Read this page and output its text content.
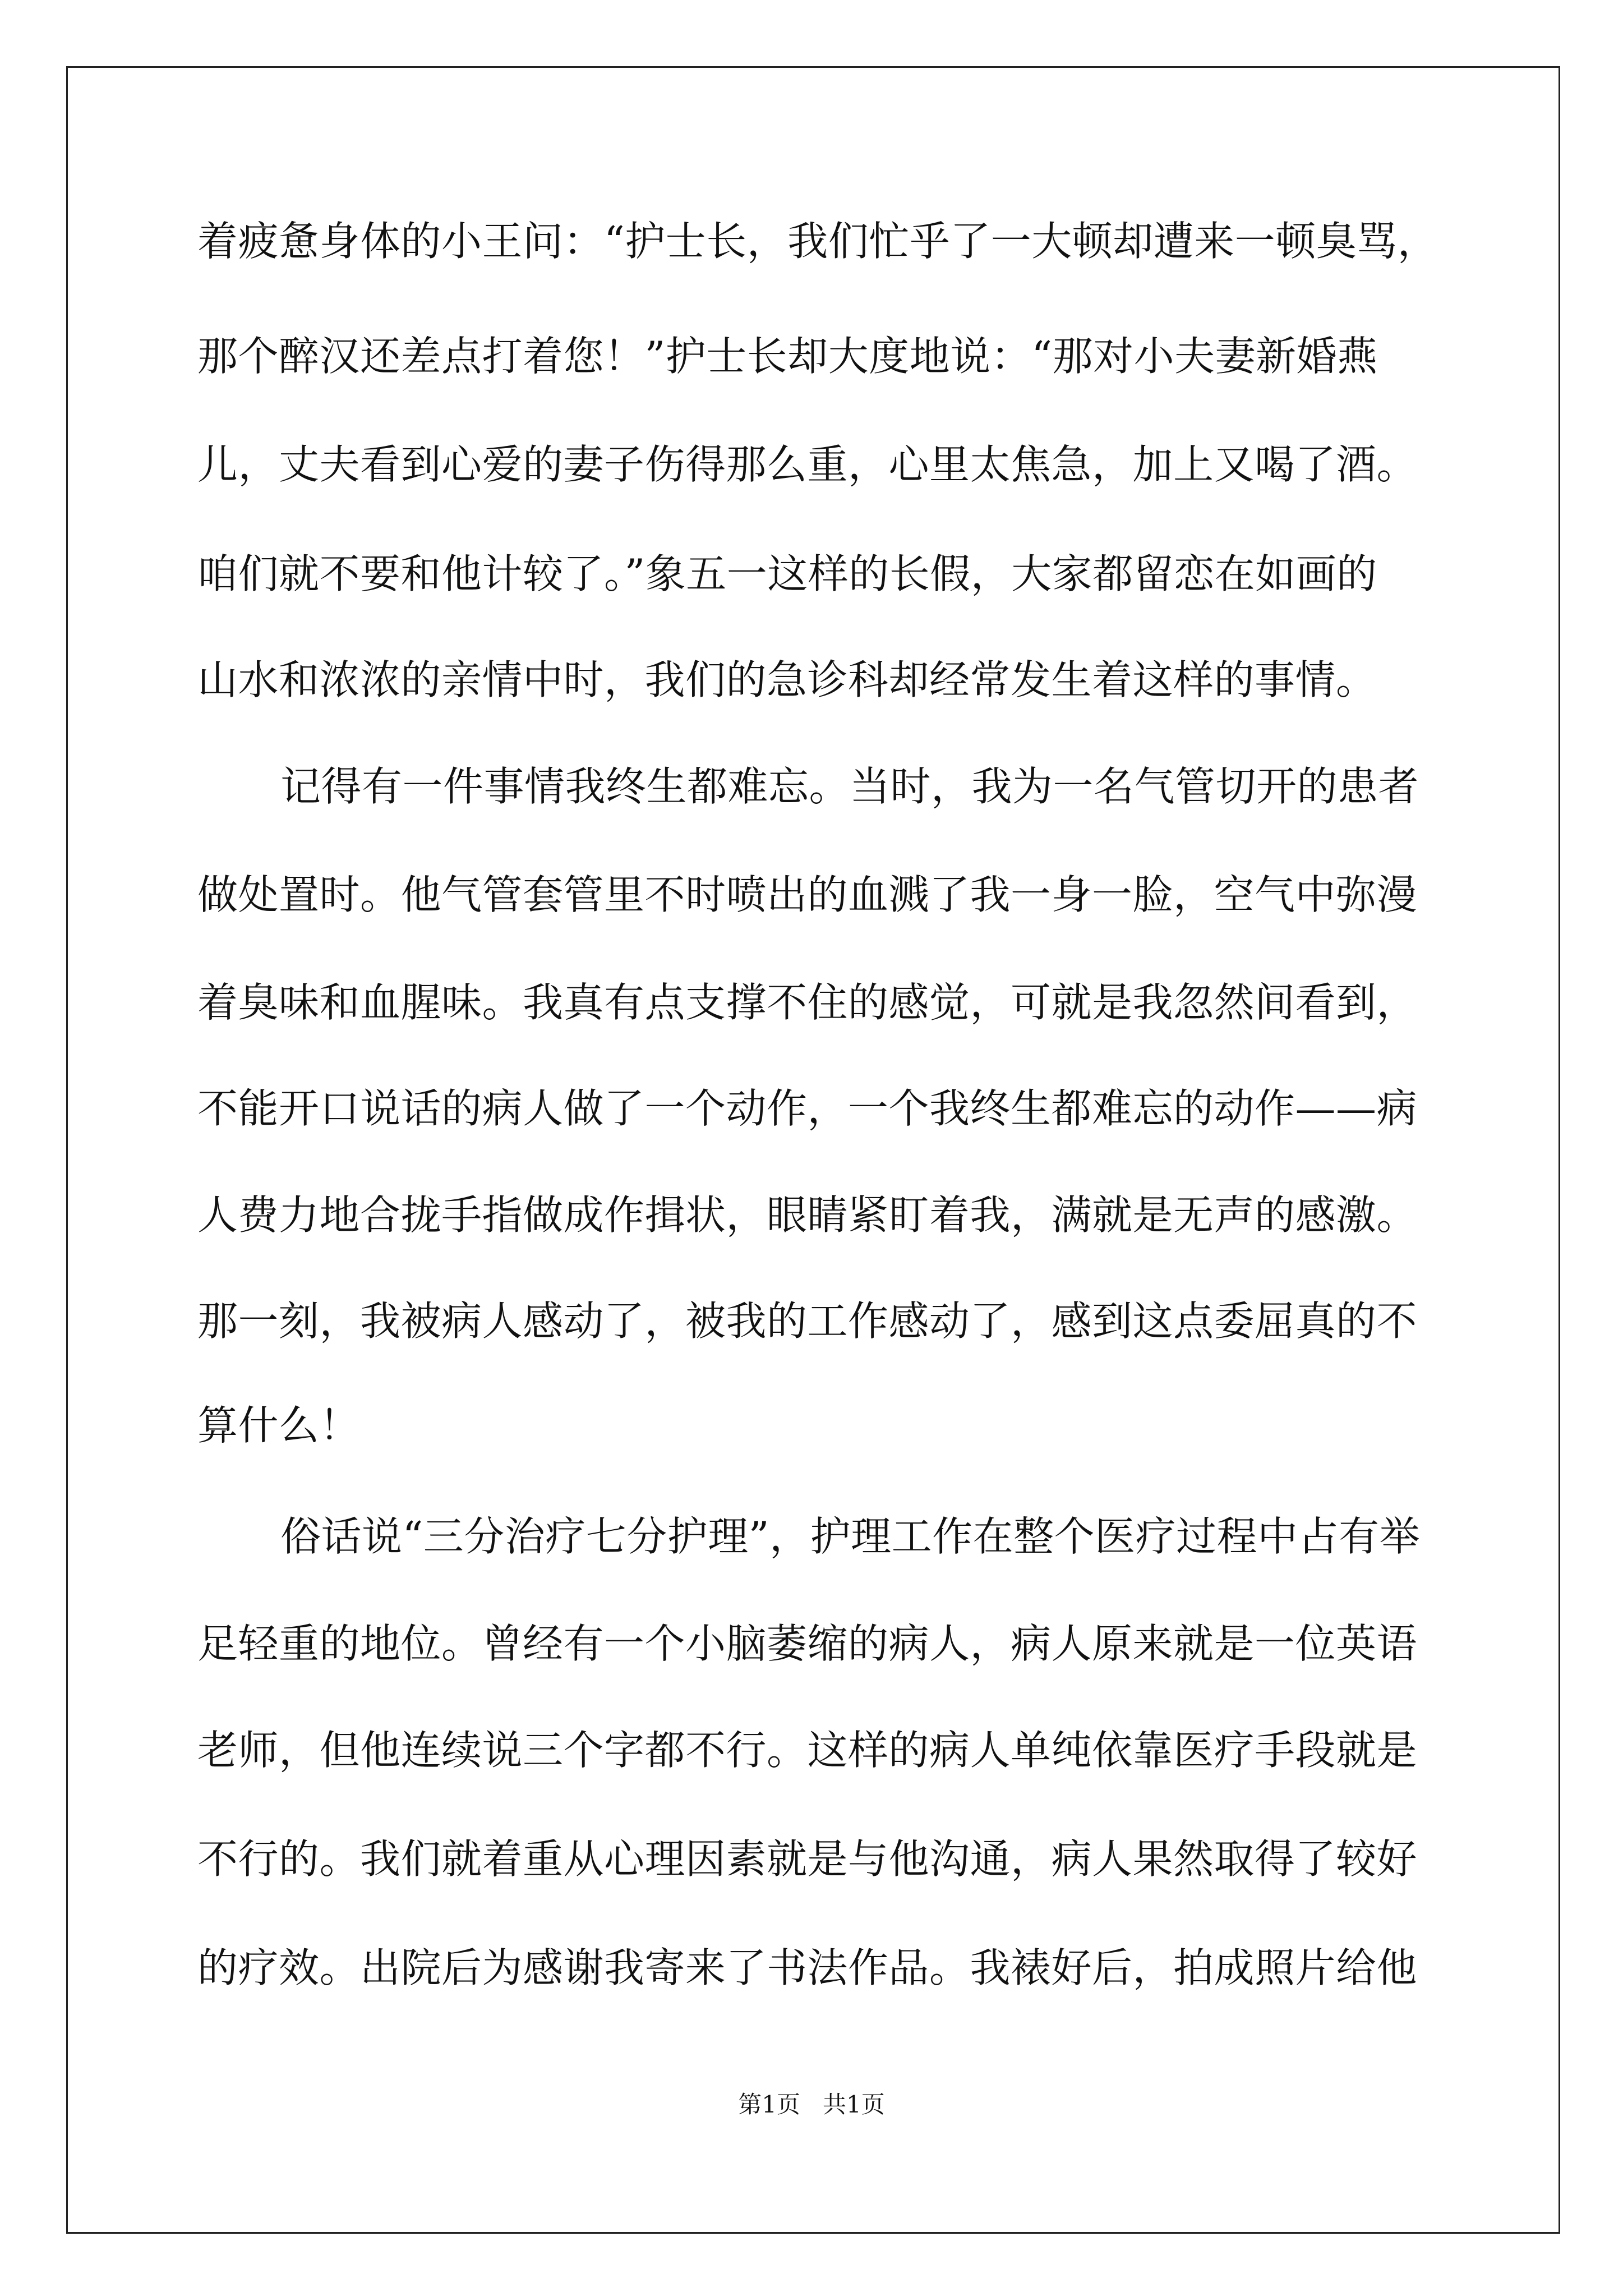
着疲惫身体的小王问：“护士长，我们忙乎了一大顿却遭来一顿臭骂，
那个醉汉还差点打着您！”护士长却大度地说：“那对小夫妻新婚燕
儿，丈夫看到心爱的妻子伤得那么重，心里太焦急，加上又喝了酒。
咱们就不要和他计较了。”象五一这样的长假，大家都留恋在如画的
山水和浓浓的亲情中时，我们的急诊科却经常发生着这样的事情。
记得有一件事情我终生都难忘。当时，我为一名气管切开的患者
做处置时。他气管套管里不时喷出的血溅了我一身一脸，空气中弥漫
着臭味和血腥味。我真有点支撑不住的感觉，可就是我忽然间看到，
不能开口说话的病人做了一个动作，一个我终生都难忘的动作——病
人费力地合拢手指做成作揖状，眼睛紧盯着我，满就是无声的感激。
那一刻，我被病人感动了，被我的工作感动了，感到这点委屈真的不
算什么！
俗话说“三分治疗七分护理”，护理工作在整个医疗过程中占有举
足轻重的地位。曾经有一个小脑萎缩的病人，病人原来就是一位英语
老师，但他连续说三个字都不行。这样的病人单纯依靠医疗手段就是
不行的。我们就着重从心理因素就是与他沟通，病人果然取得了较好
的疗效。出院后为感谢我寄来了书法作品。我裱好后，拍成照片给他
第1页 共1页
